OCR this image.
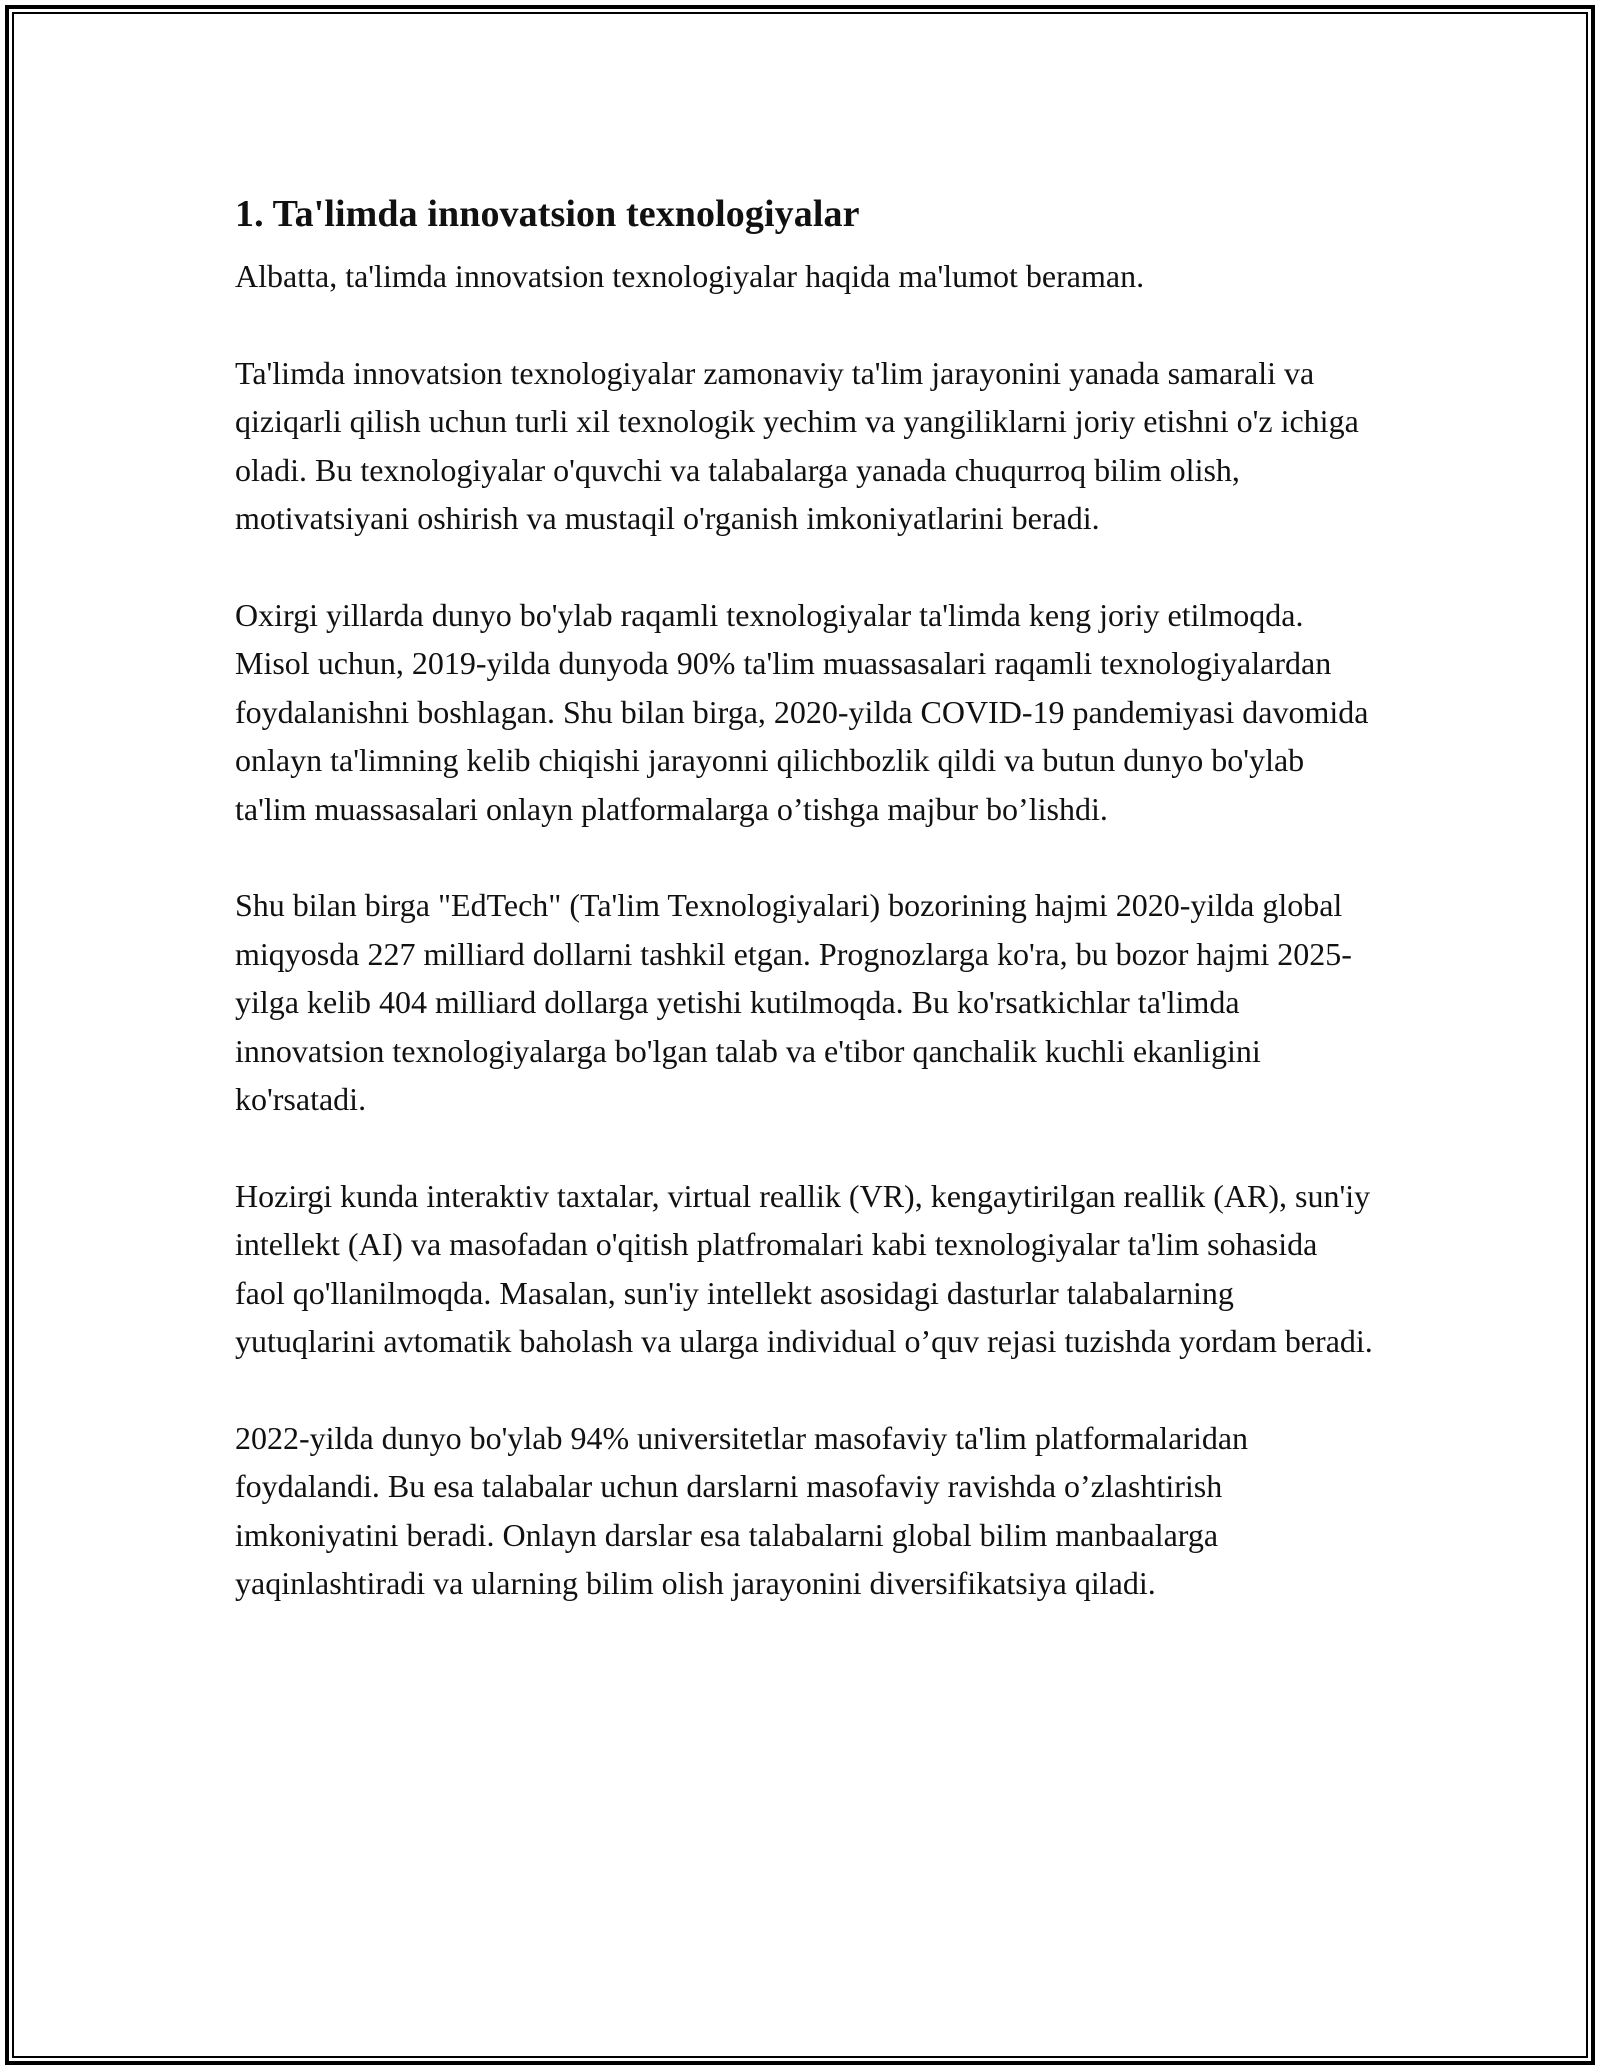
1. Ta'limda innovatsion texnologiyalar

Albatta, ta'limda innovatsion texnologiyalar haqida ma'lumot beraman.

Ta'limda innovatsion texnologiyalar zamonaviy ta'lim jarayonini yanada samarali va qiziqarli qilish uchun turli xil texnologik yechim va yangiliklarni joriy etishni o'z ichiga oladi. Bu texnologiyalar o'quvchi va talabalarga yanada chuqurroq bilim olish, motivatsiyani oshirish va mustaqil o'rganish imkoniyatlarini beradi.

Oxirgi yillarda dunyo bo'ylab raqamli texnologiyalar ta'limda keng joriy etilmoqda. Misol uchun, 2019-yilda dunyoda 90% ta'lim muassasalari raqamli texnologiyalardan foydalanishni boshlagan. Shu bilan birga, 2020-yilda COVID-19 pandemiyasi davomida onlayn ta'limning kelib chiqishi jarayonni qilichbozlik qildi va butun dunyo bo'ylab ta'lim muassasalari onlayn platformalarga o’tishga majbur bo’lishdi.

Shu bilan birga "EdTech" (Ta'lim Texnologiyalari) bozorining hajmi 2020-yilda global miqyosda 227 milliard dollarni tashkil etgan. Prognozlarga ko'ra, bu bozor hajmi 2025-yilga kelib 404 milliard dollarga yetishi kutilmoqda. Bu ko'rsatkichlar ta'limda innovatsion texnologiyalarga bo'lgan talab va e'tibor qanchalik kuchli ekanligini ko'rsatadi.

Hozirgi kunda interaktiv taxtalar, virtual reallik (VR), kengaytirilgan reallik (AR), sun'iy intellekt (AI) va masofadan o'qitish platfromalari kabi texnologiyalar ta'lim sohasida faol qo'llanilmoqda. Masalan, sun'iy intellekt asosidagi dasturlar talabalarning yutuqlarini avtomatik baholash va ularga individual o’quv rejasi tuzishda yordam beradi.

2022-yilda dunyo bo'ylab 94% universitetlar masofaviy ta'lim platformalaridan foydalandi. Bu esa talabalar uchun darslarni masofaviy ravishda o’zlashtirish imkoniyatini beradi. Onlayn darslar esa talabalarni global bilim manbaalarga yaqinlashtiradi va ularning bilim olish jarayonini diversifikatsiya qiladi.
